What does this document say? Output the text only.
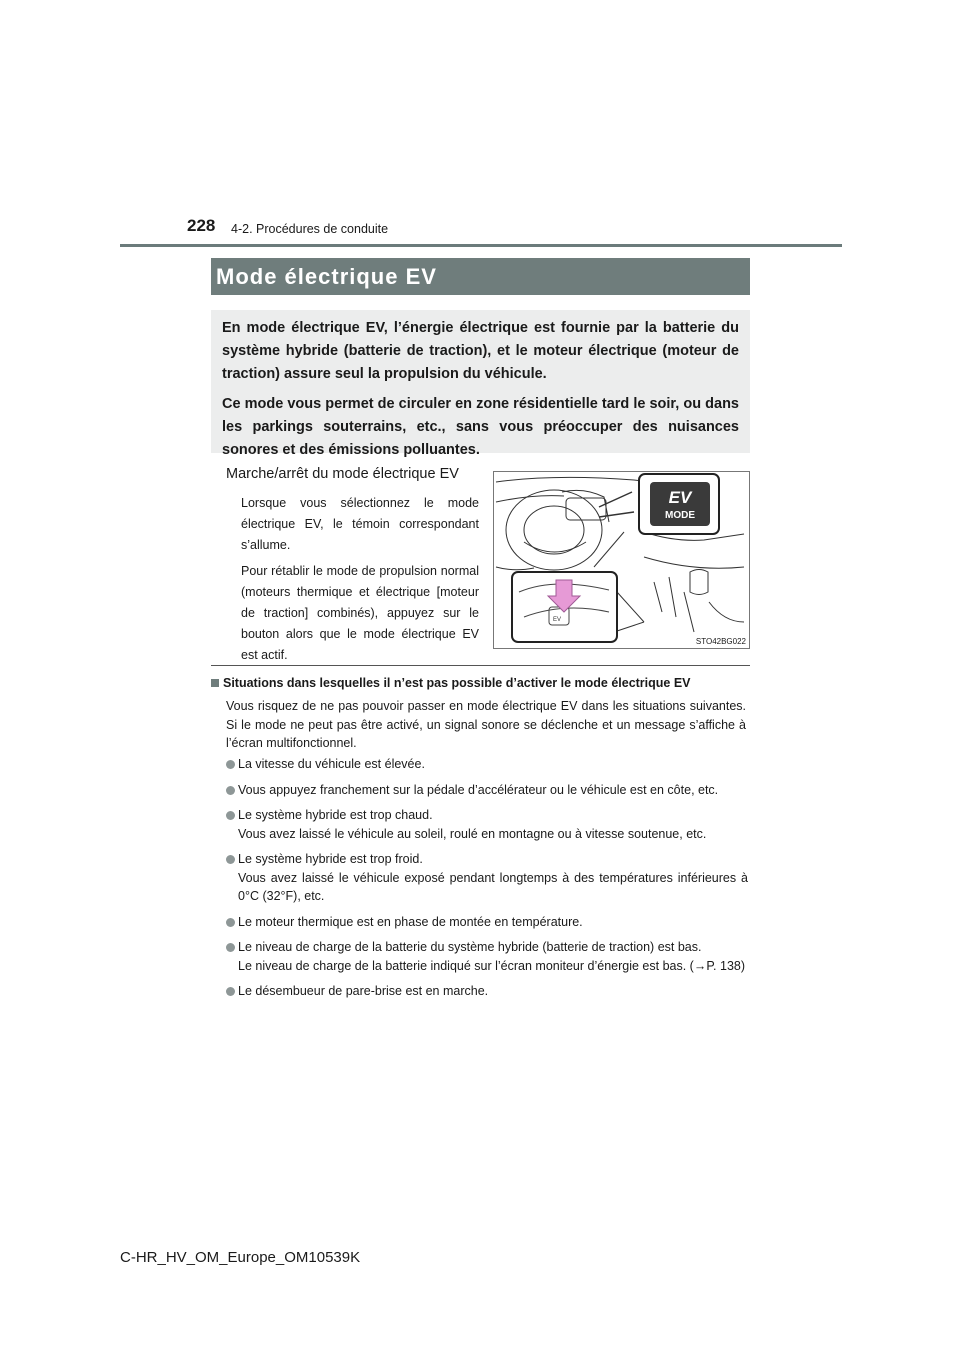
228 4-2. Procédures de conduite
Mode électrique EV

En mode électrique EV, l’énergie électrique est fournie par la batterie du système hybride (batterie de traction), et le moteur électrique (moteur de traction) assure seul la propulsion du véhicule.

Ce mode vous permet de circuler en zone résidentielle tard le soir, ou dans les parkings souterrains, etc., sans vous préoccuper des nuisances sonores et des émissions polluantes.

Marche/arrêt du mode électrique EV

Lorsque vous sélectionnez le mode électrique EV, le témoin correspondant s’allume.

Pour rétablir le mode de propulsion normal (moteurs thermique et électrique [moteur de traction] combinés), appuyez sur le bouton alors que le mode électrique EV est actif.

EV
EV
MODE
STO42BG022
Situations dans lesquelles il n’est pas possible d’activer le mode électrique EV
Vous risquez de ne pas pouvoir passer en mode électrique EV dans les situations suivantes. Si le mode ne peut pas être activé, un signal sonore se déclenche et un message s’affiche à l’écran multifonctionnel.
La vitesse du véhicule est élevée.
Vous appuyez franchement sur la pédale d’accélérateur ou le véhicule est en côte, etc.
Le système hybride est trop chaud.
Vous avez laissé le véhicule au soleil, roulé en montagne ou à vitesse soutenue, etc.
Le système hybride est trop froid.
Vous avez laissé le véhicule exposé pendant longtemps à des températures inférieures à 0°C (32°F), etc.
Le moteur thermique est en phase de montée en température.
Le niveau de charge de la batterie du système hybride (batterie de traction) est bas.
Le niveau de charge de la batterie indiqué sur l’écran moniteur d’énergie est bas. (→P. 138)
Le désembueur de pare-brise est en marche.
C-HR_HV_OM_Europe_OM10539K
